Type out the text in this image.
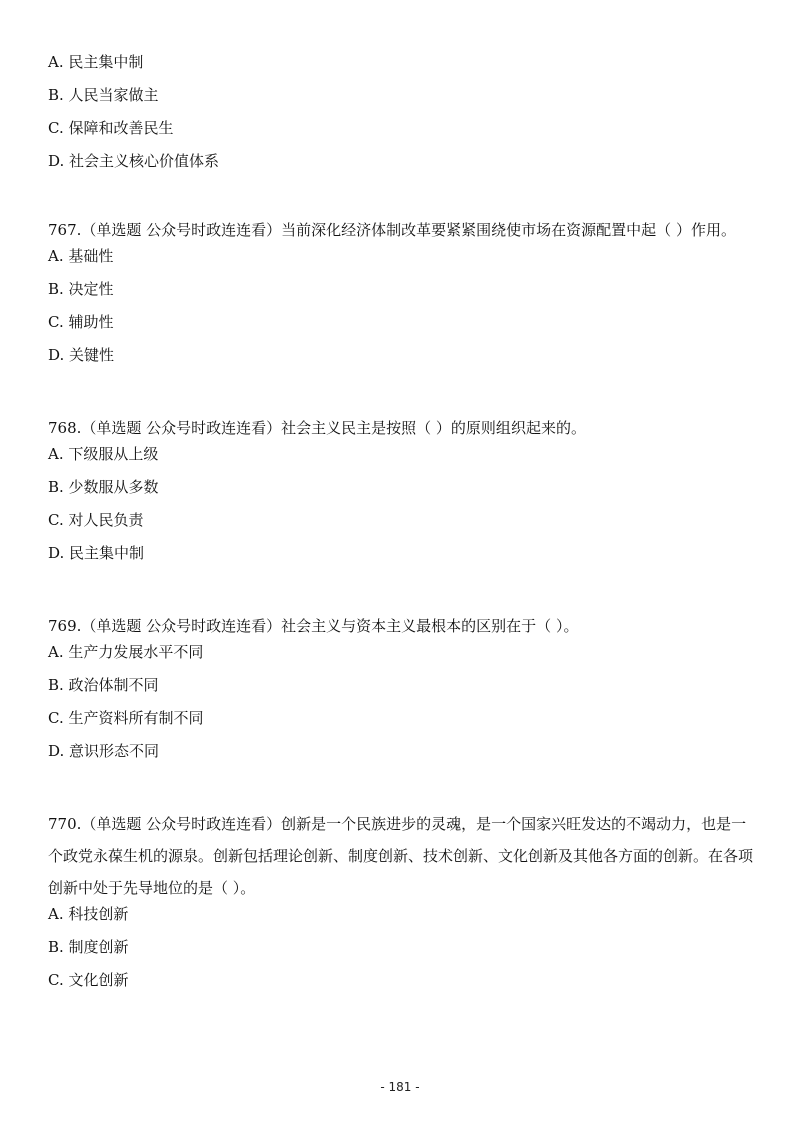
A. 民主集中制
B. 人民当家做主
C. 保障和改善民生
D. 社会主义核心价值体系
767.（单选题 公众号时政连连看）当前深化经济体制改革要紧紧围绕使市场在资源配置中起（ ）作用。
A. 基础性
B. 决定性
C. 辅助性
D. 关键性
768.（单选题 公众号时政连连看）社会主义民主是按照（ ）的原则组织起来的。
A. 下级服从上级
B. 少数服从多数
C. 对人民负责
D. 民主集中制
769.（单选题 公众号时政连连看）社会主义与资本主义最根本的区别在于（ ）。
A. 生产力发展水平不同
B. 政治体制不同
C. 生产资料所有制不同
D. 意识形态不同
770.（单选题 公众号时政连连看）创新是一个民族进步的灵魂，是一个国家兴旺发达的不竭动力，也是一个政党永葆生机的源泉。创新包括理论创新、制度创新、技术创新、文化创新及其他各方面的创新。在各项创新中处于先导地位的是（ ）。
A. 科技创新
B. 制度创新
C. 文化创新
- 181 -
